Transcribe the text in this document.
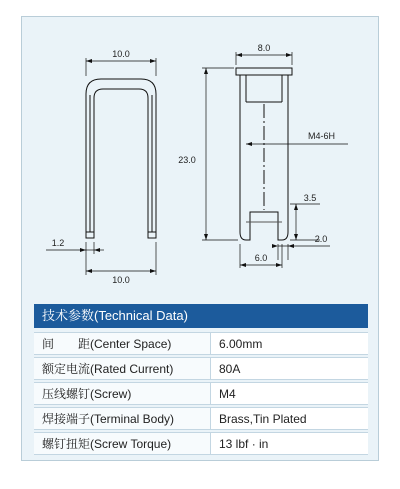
10.0
10.0
1.2
8.0
23.0
M4-6H
3.5
2.0
6.0
技术参数(Technical Data)
间　　距(Center Space)	6.00mm
额定电流(Rated Current)	80A
压线螺钉(Screw)	M4
焊接端子(Terminal Body)	Brass,Tin Plated
螺钉扭矩(Screw Torque)	13 lbf · in
